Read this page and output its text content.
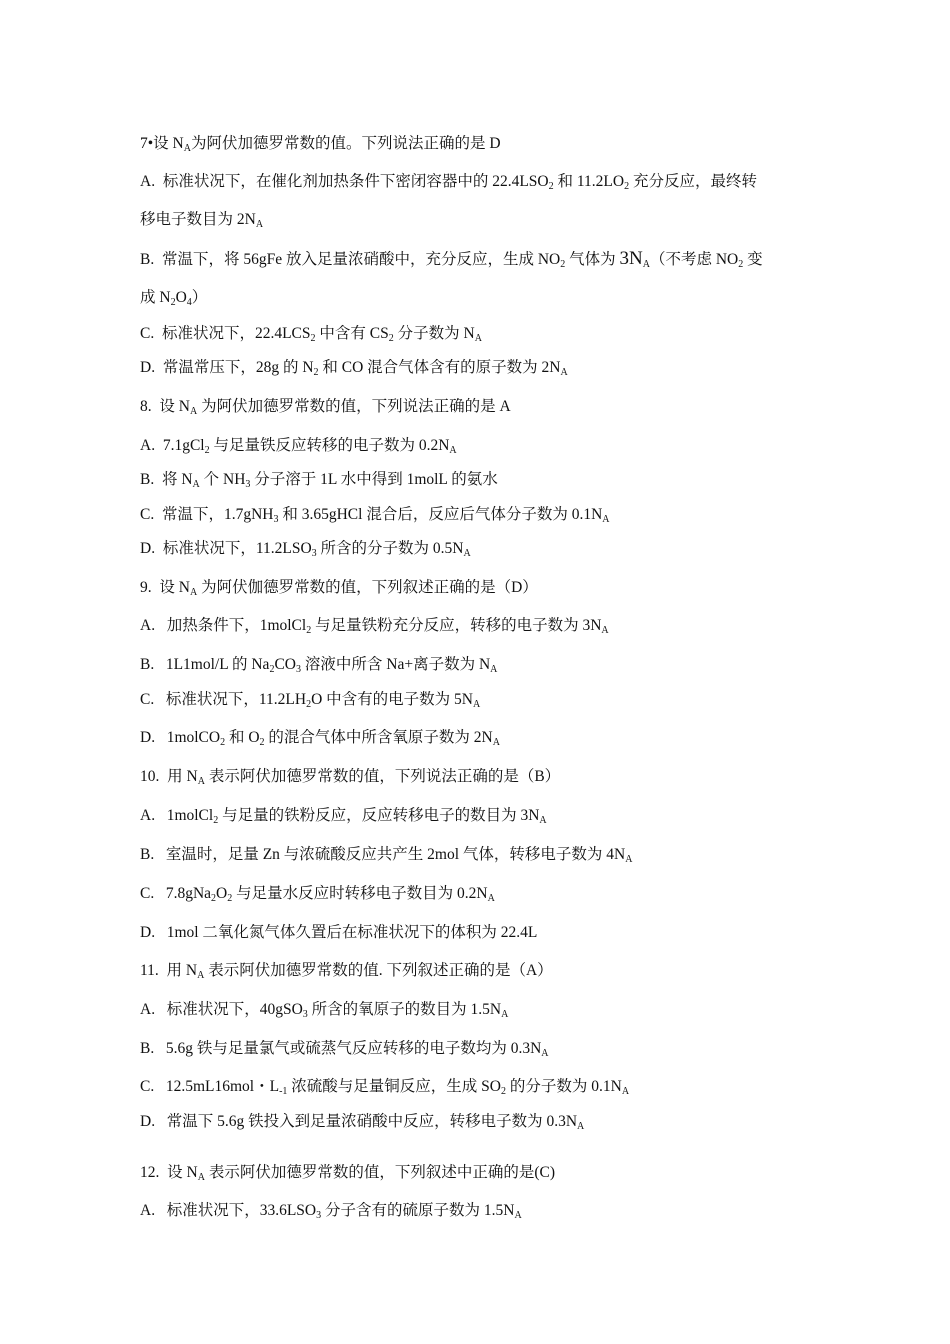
7•设 NA为阿伏加德罗常数的值。下列说法正确的是 D
A.  标准状况下，在催化剂加热条件下密闭容器中的 22.4LSO2 和 11.2LO2 充分反应，最终转
移电子数目为 2NA
B.  常温下，将 56gFe 放入足量浓硝酸中，充分反应，生成 NO2 气体为 3NA（不考虑 NO2 变
成 N2O4）
C.  标准状况下，22.4LCS2 中含有 CS2 分子数为 NA
D.  常温常压下，28g 的 N2 和 CO 混合气体含有的原子数为 2NA
8.  设 NA 为阿伏加德罗常数的值，下列说法正确的是 A
A.  7.1gCl2 与足量铁反应转移的电子数为 0.2NA
B.  将 NA 个 NH3 分子溶于 1L 水中得到 1molL 的氨水
C.  常温下，1.7gNH3 和 3.65gHCl 混合后，反应后气体分子数为 0.1NA
D.  标准状况下，11.2LSO3 所含的分子数为 0.5NA
9.  设 NA 为阿伏伽德罗常数的值，下列叙述正确的是（D）
A.   加热条件下，1molCl2 与足量铁粉充分反应，转移的电子数为 3NA
B.   1L1mol/L 的 Na2CO3 溶液中所含 Na+离子数为 NA
C.   标准状况下，11.2LH2O 中含有的电子数为 5NA
D.   1molCO2 和 O2 的混合气体中所含氧原子数为 2NA
10.  用 NA 表示阿伏加德罗常数的值，下列说法正确的是（B）
A.   1molCl2 与足量的铁粉反应，反应转移电子的数目为 3NA
B.   室温时，足量 Zn 与浓硫酸反应共产生 2mol 气体，转移电子数为 4NA
C.   7.8gNa2O2 与足量水反应时转移电子数目为 0.2NA
D.   1mol 二氧化氮气体久置后在标准状况下的体积为 22.4L
11.  用 NA 表示阿伏加德罗常数的值. 下列叙述正确的是（A）
A.   标准状况下，40gSO3 所含的氧原子的数目为 1.5NA
B.   5.6g 铁与足量氯气或硫蒸气反应转移的电子数均为 0.3NA
C.   12.5mL16mol・L-1 浓硫酸与足量铜反应，生成 SO2 的分子数为 0.1NA
D.   常温下 5.6g 铁投入到足量浓硝酸中反应，转移电子数为 0.3NA
12.  设 NA 表示阿伏加德罗常数的值，下列叙述中正确的是(C)
A.   标准状况下，33.6LSO3 分子含有的硫原子数为 1.5NA
